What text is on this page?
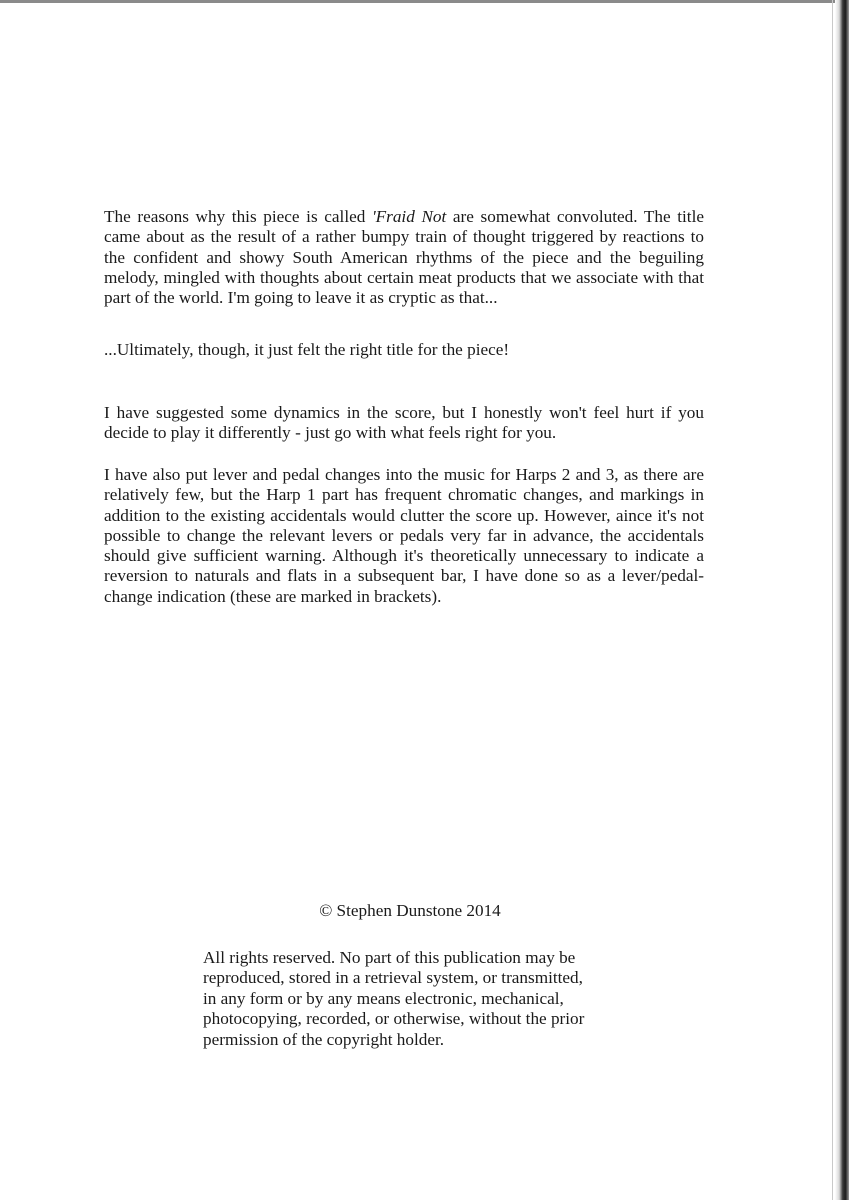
The reasons why this piece is called 'Fraid Not are somewhat convoluted. The title came about as the result of a rather bumpy train of thought triggered by reactions to the confident and showy South American rhythms of the piece and the beguiling melody, mingled with thoughts about certain meat products that we associate with that part of the world. I'm going to leave it as cryptic as that...

...Ultimately, though, it just felt the right title for the piece!

I have suggested some dynamics in the score, but I honestly won't feel hurt if you decide to play it differently - just go with what feels right for you.

I have also put lever and pedal changes into the music for Harps 2 and 3, as there are relatively few, but the Harp 1 part has frequent chromatic changes, and markings in addition to the existing accidentals would clutter the score up. However, aince it's not possible to change the relevant levers or pedals very far in advance, the accidentals should give sufficient warning. Although it's theoretically unnecessary to indicate a reversion to naturals and flats in a subsequent bar, I have done so as a lever/pedal-change indication (these are marked in brackets).

© Stephen Dunstone 2014
All rights reserved. No part of this publication may be
reproduced, stored in a retrieval system, or transmitted,
in any form or by any means electronic, mechanical,
photocopying, recorded, or otherwise, without the prior
permission of the copyright holder.
